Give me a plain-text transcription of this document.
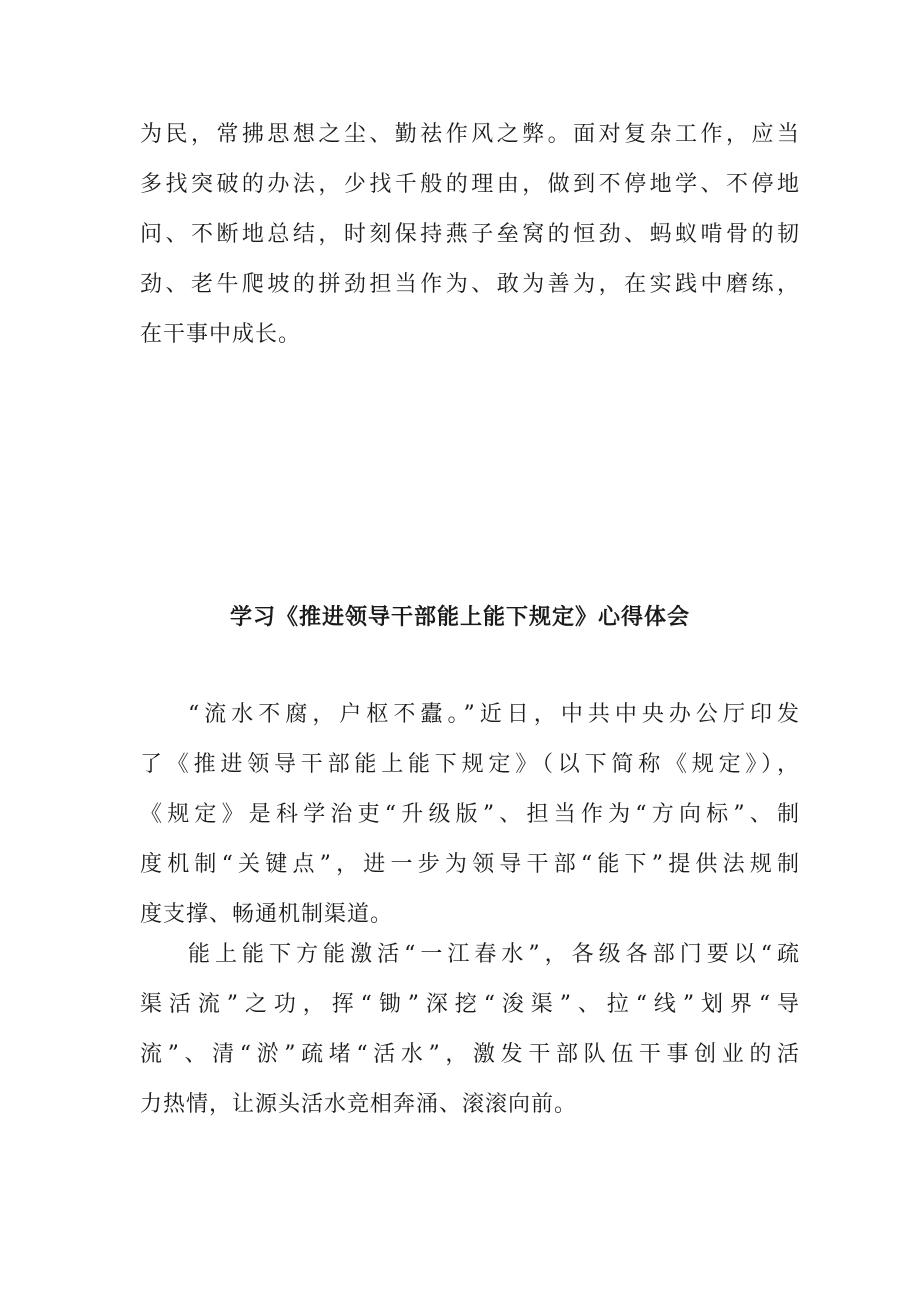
为民，常拂思想之尘、勤祛作风之弊。面对复杂工作，应当
多找突破的办法，少找千般的理由，做到不停地学、不停地
问、不断地总结，时刻保持燕子垒窝的恒劲、蚂蚁啃骨的韧
劲、老牛爬坡的拼劲担当作为、敢为善为，在实践中磨练，
在干事中成长。
学习《推进领导干部能上能下规定》心得体会
“流水不腐，户枢不蠹。”近日，中共中央办公厅印发
了《推进领导干部能上能下规定》（以下简称《规定》），
《规定》是科学治吏“升级版”、担当作为“方向标”、制
度机制“关键点”，进一步为领导干部“能下”提供法规制
度支撑、畅通机制渠道。
能上能下方能激活“一江春水”，各级各部门要以“疏
渠活流”之功，挥“锄”深挖“浚渠”、拉“线”划界“导
流”、清“淤”疏堵“活水”，激发干部队伍干事创业的活
力热情，让源头活水竞相奔涌、滚滚向前。
